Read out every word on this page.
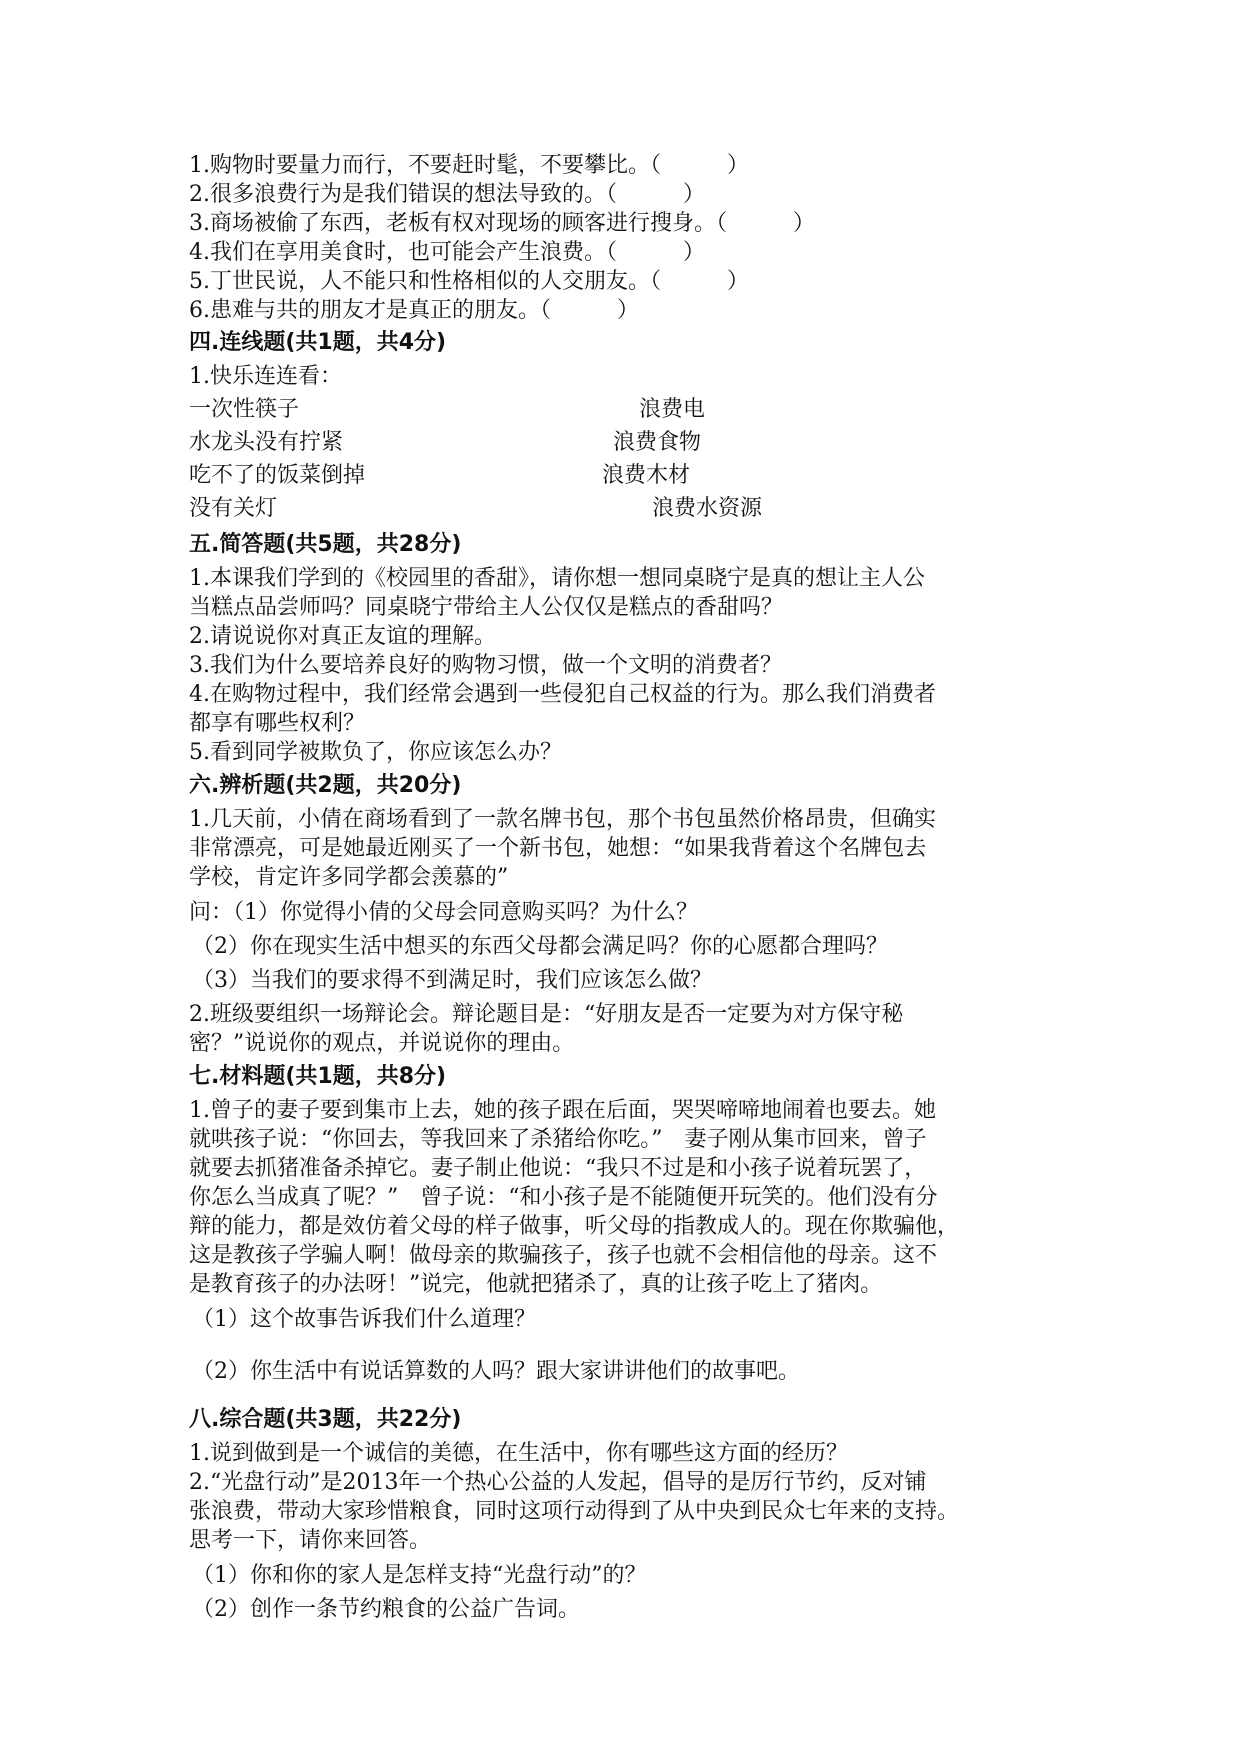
1.购物时要量力而行，不要赶时髦，不要攀比。（　　　）
2.很多浪费行为是我们错误的想法导致的。（　　　）
3.商场被偷了东西，老板有权对现场的顾客进行搜身。（　　　）
4.我们在享用美食时，也可能会产生浪费。（　　　）
5.丁世民说，人不能只和性格相似的人交朋友。（　　　）
6.患难与共的朋友才是真正的朋友。（　　　）
四.连线题(共1题，共4分)
1.快乐连连看：
一次性筷子
水龙头没有拧紧
吃不了的饭菜倒掉
没有关灯
浪费电
浪费食物
浪费木材
浪费水资源
五.简答题(共5题，共28分)
1.本课我们学到的《校园里的香甜》，请你想一想同桌晓宁是真的想让主人公
当糕点品尝师吗？同桌晓宁带给主人公仅仅是糕点的香甜吗？
2.请说说你对真正友谊的理解。
3.我们为什么要培养良好的购物习惯，做一个文明的消费者？
4.在购物过程中，我们经常会遇到一些侵犯自己权益的行为。那么我们消费者
都享有哪些权利？
5.看到同学被欺负了，你应该怎么办？
六.辨析题(共2题，共20分)
1.几天前，小倩在商场看到了一款名牌书包，那个书包虽然价格昂贵，但确实
非常漂亮，可是她最近刚买了一个新书包，她想：“如果我背着这个名牌包去
学校，肯定许多同学都会羡慕的”
问：（1）你觉得小倩的父母会同意购买吗？为什么？
（2）你在现实生活中想买的东西父母都会满足吗？你的心愿都合理吗？
（3）当我们的要求得不到满足时，我们应该怎么做？
2.班级要组织一场辩论会。辩论题目是：“好朋友是否一定要为对方保守秘
密？”说说你的观点，并说说你的理由。
七.材料题(共1题，共8分)
1.曾子的妻子要到集市上去，她的孩子跟在后面，哭哭啼啼地闹着也要去。她
就哄孩子说：“你回去，等我回来了杀猪给你吃。”　妻子刚从集市回来，曾子
就要去抓猪准备杀掉它。妻子制止他说：“我只不过是和小孩子说着玩罢了，
你怎么当成真了呢？”　曾子说：“和小孩子是不能随便开玩笑的。他们没有分
辩的能力，都是效仿着父母的样子做事，听父母的指教成人的。现在你欺骗他，
这是教孩子学骗人啊！做母亲的欺骗孩子，孩子也就不会相信他的母亲。这不
是教育孩子的办法呀！”说完，他就把猪杀了，真的让孩子吃上了猪肉。
（1）这个故事告诉我们什么道理？
（2）你生活中有说话算数的人吗？跟大家讲讲他们的故事吧。
八.综合题(共3题，共22分)
1.说到做到是一个诚信的美德，在生活中，你有哪些这方面的经历？
2.“光盘行动”是2013年一个热心公益的人发起，倡导的是厉行节约，反对铺
张浪费，带动大家珍惜粮食，同时这项行动得到了从中央到民众七年来的支持。
思考一下，请你来回答。
（1）你和你的家人是怎样支持“光盘行动”的？
（2）创作一条节约粮食的公益广告词。
